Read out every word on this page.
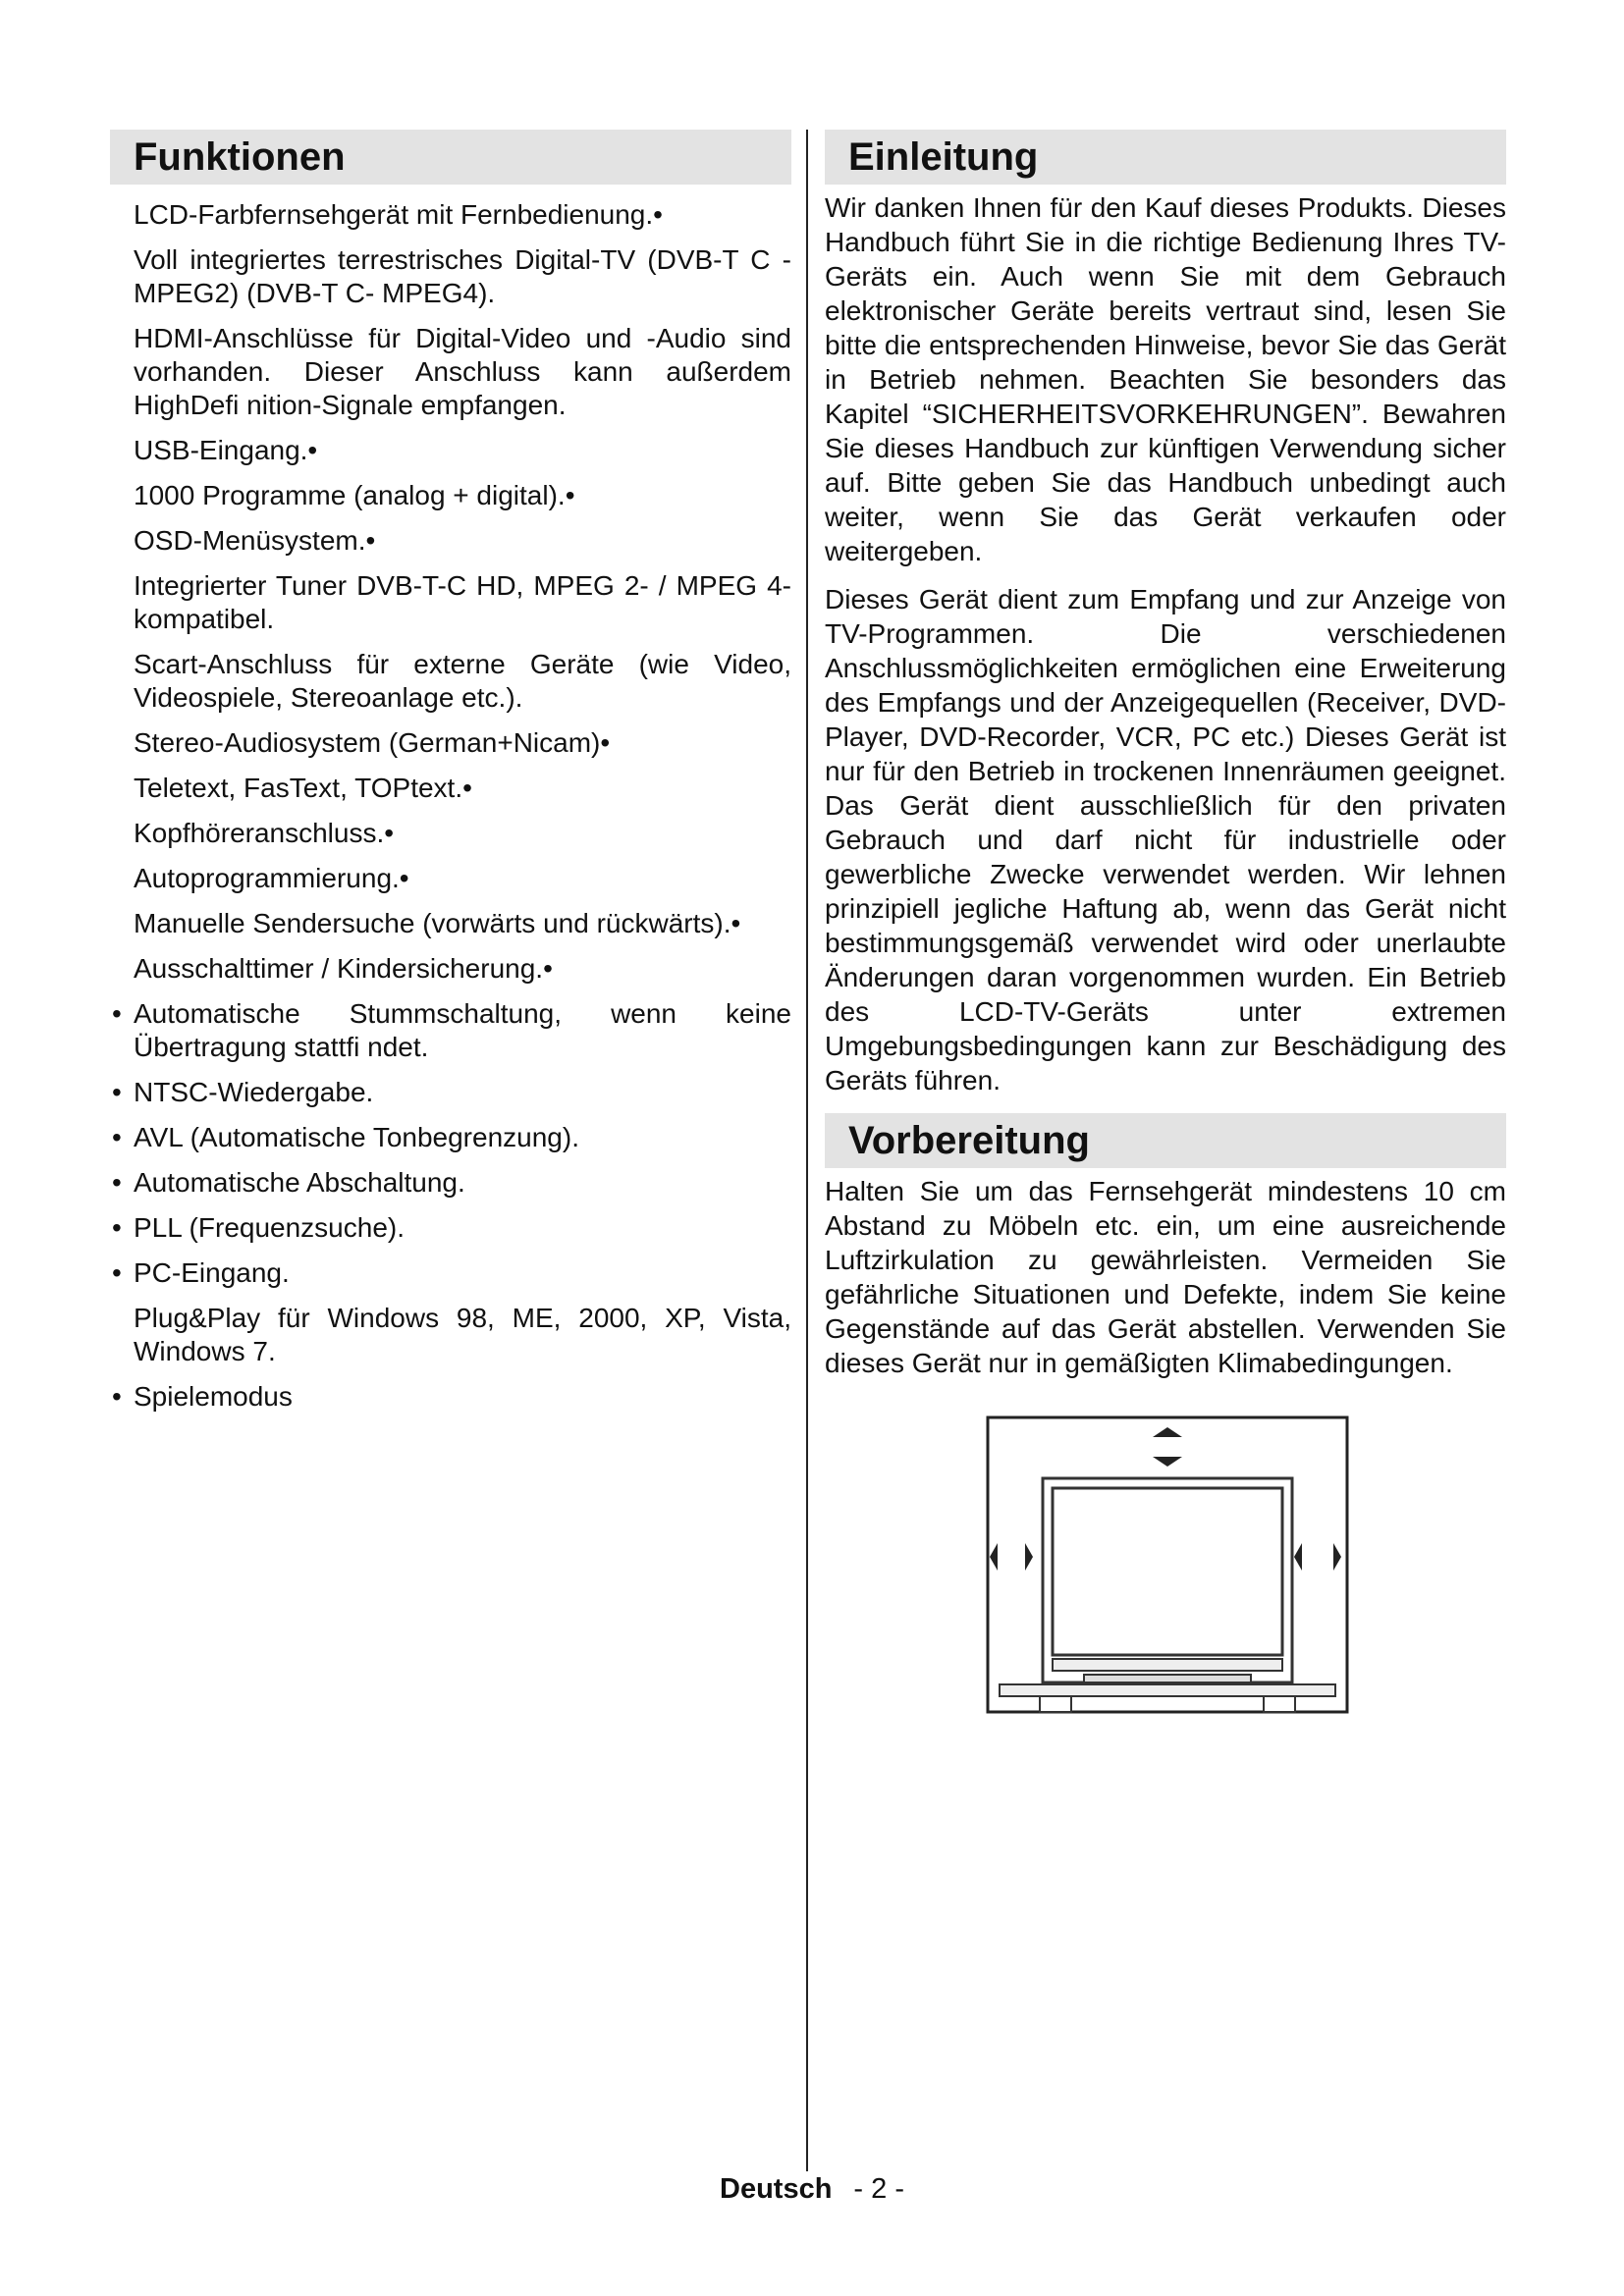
Funktionen
LCD-Farbfernsehgerät mit Fernbedienung.•
Voll integriertes terrestrisches Digital-TV (DVB-T C - MPEG2) (DVB-T C- MPEG4).
HDMI-Anschlüsse für Digital-Video und -Audio sind vorhanden. Dieser Anschluss kann außerdem HighDefi nition-Signale empfangen.
USB-Eingang.•
1000 Programme (analog + digital).•
OSD-Menüsystem.•
Integrierter Tuner DVB-T-C HD, MPEG 2- / MPEG 4-kompatibel.
Scart-Anschluss für externe Geräte (wie Video, Videospiele, Stereoanlage etc.).
Stereo-Audiosystem (German+Nicam)•
Teletext, FasText, TOPtext.•
Kopfhöreranschluss.•
Autoprogrammierung.•
Manuelle Sendersuche (vorwärts und rückwärts).•
Ausschalttimer / Kindersicherung.•
• Automatische Stummschaltung, wenn keine Übertragung stattfi ndet.
• NTSC-Wiedergabe.
• AVL (Automatische Tonbegrenzung).
• Automatische Abschaltung.
• PLL (Frequenzsuche).
• PC-Eingang.
Plug&Play für Windows 98, ME, 2000, XP, Vista, Windows 7.
• Spielemodus
Einleitung

Wir danken Ihnen für den Kauf dieses Produkts. Dieses Handbuch führt Sie in die richtige Bedienung Ihres TV-Geräts ein. Auch wenn Sie mit dem Gebrauch elektronischer Geräte bereits vertraut sind, lesen Sie bitte die entsprechenden Hinweise, bevor Sie das Gerät in Betrieb nehmen. Beachten Sie besonders das Kapitel “SICHERHEITSVORKEHRUNGEN”. Bewahren Sie dieses Handbuch zur künftigen Verwendung sicher auf. Bitte geben Sie das Handbuch unbedingt auch weiter, wenn Sie das Gerät verkaufen oder weitergeben.

Dieses Gerät dient zum Empfang und zur Anzeige von TV-Programmen. Die verschiedenen Anschlussmöglichkeiten ermöglichen eine Erweiterung des Empfangs und der Anzeigequellen (Receiver, DVD-Player, DVD-Recorder, VCR, PC etc.) Dieses Gerät ist nur für den Betrieb in trockenen Innenräumen geeignet. Das Gerät dient ausschließlich für den privaten Gebrauch und darf nicht für industrielle oder gewerbliche Zwecke verwendet werden. Wir lehnen prinzipiell jegliche Haftung ab, wenn das Gerät nicht bestimmungsgemäß verwendet wird oder unerlaubte Änderungen daran vorgenommen wurden. Ein Betrieb des LCD-TV-Geräts unter extremen Umgebungsbedingungen kann zur Beschädigung des Geräts führen.

Vorbereitung

Halten Sie um das Fernsehgerät mindestens 10 cm Abstand zu Möbeln etc. ein, um eine ausreichende Luftzirkulation zu gewährleisten. Vermeiden Sie gefährliche Situationen und Defekte, indem Sie keine Gegenstände auf das Gerät abstellen. Verwenden Sie dieses Gerät nur in gemäßigten Klimabedingungen.

Deutsch - 2 -
